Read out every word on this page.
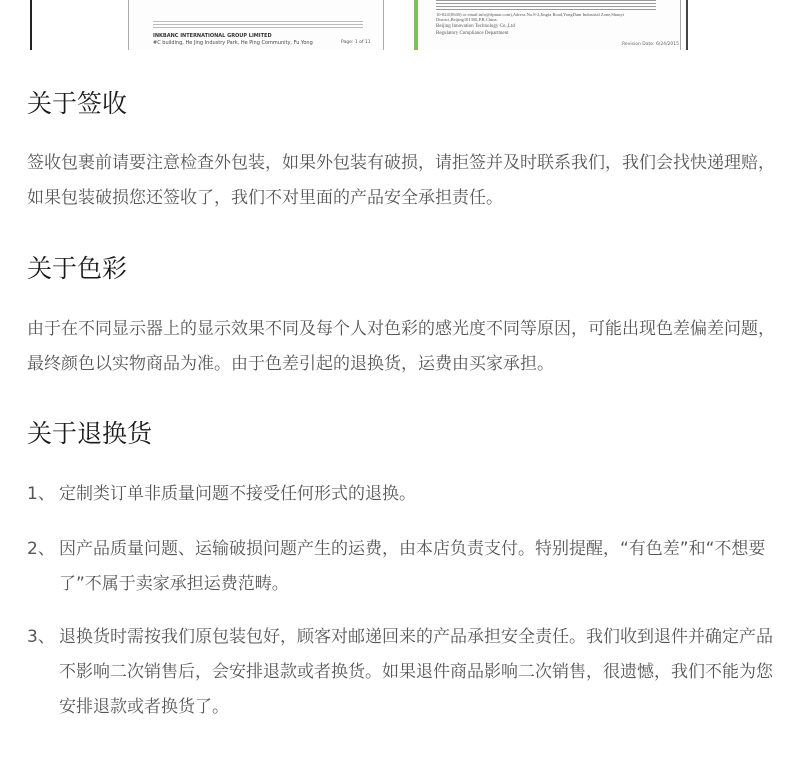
INKBANC INTERNATIONAL GROUP LIMITED
#C building, He Jing Industry Park, He Ping Community, Fu Yong	Page: 1 of 11
10-82410640) or email:info@dpmar.com),Adress:No.8-2,Jingfa Road,YongDam Industrial Zone,Shunyi
District,Beijing101300,P.R.China.
Beijing Innovation Technology Co.,Ltd
Regulatory Compliance Department
Revision Date: 6/24/2015
关于签收

签收包裹前请要注意检查外包装，如果外包装有破损，请拒签并及时联系我们，我们会找快递理赔，如果包装破损您还签收了，我们不对里面的产品安全承担责任。

关于色彩

由于在不同显示器上的显示效果不同及每个人对色彩的感光度不同等原因，可能出现色差偏差问题，最终颜色以实物商品为准。由于色差引起的退换货，运费由买家承担。

关于退换货
1、 定制类订单非质量问题不接受任何形式的退换。
2、 因产品质量问题、运输破损问题产生的运费，由本店负责支付。特别提醒，“有色差”和“不想要了”不属于卖家承担运费范畴。
3、 退换货时需按我们原包装包好，顾客对邮递回来的产品承担安全责任。我们收到退件并确定产品不影响二次销售后，会安排退款或者换货。如果退件商品影响二次销售，很遗憾，我们不能为您安排退款或者换货了。
